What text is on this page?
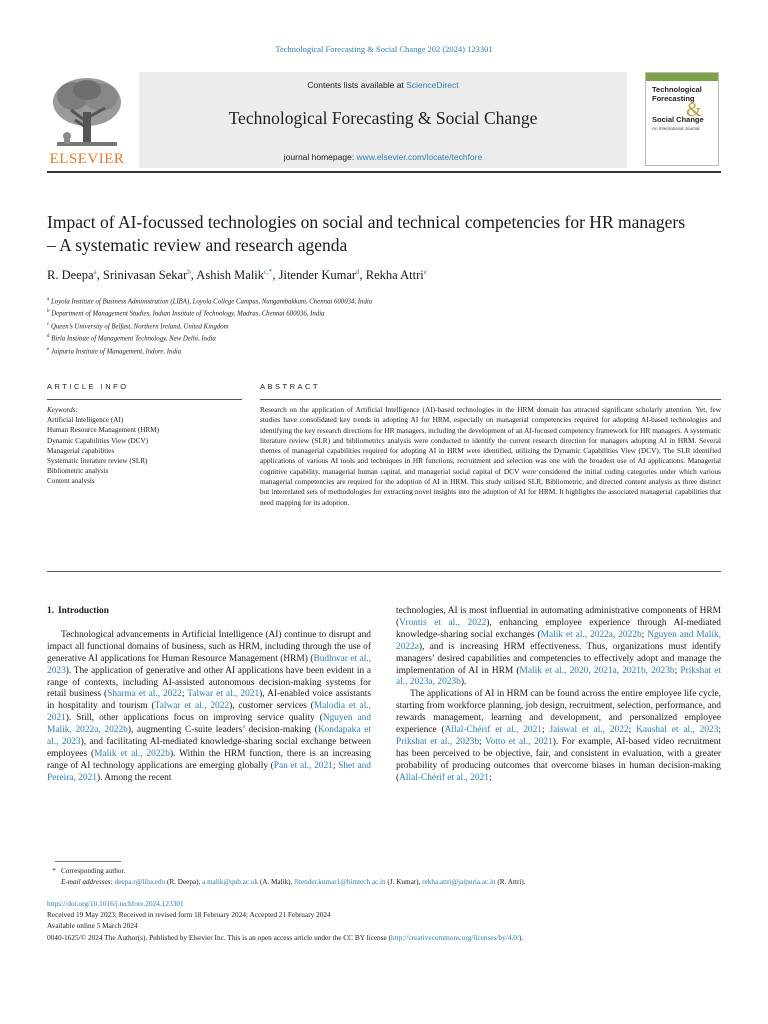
Technological Forecasting & Social Change 202 (2024) 123301
ELSEVIER
Contents lists available at ScienceDirect
Technological Forecasting & Social Change
journal homepage: www.elsevier.com/locate/techfore
Technological
Forecasting
Social Change
&
An International Journal
Impact of AI-focussed technologies on social and technical competencies for HR managers – A systematic review and research agenda
R. Deepa$^a$, Srinivasan Sekar$^b$, Ashish Malik$^{c,*}$, Jitender Kumar$^d$, Rekha Attri$^e$
$^a$ Loyola Institute of Business Administration (LIBA), Loyola College Campus, Nungambakkam, Chennai 600034, India
$^b$ Department of Management Studies, Indian Institute of Technology, Madras, Chennai 600036, India
$^c$ Queen’s University of Belfast, Northern Ireland, United Kingdom
$^d$ Birla Institute of Management Technology, New Delhi, India
$^e$ Jaipuria Institute of Management, Indore, India
ARTICLE INFO	ABSTRACT
Keywords:
Artificial Intelligence (AI)
Human Resource Management (HRM)
Dynamic Capabilities View (DCV)
Managerial capabilities
Systematic literature review (SLR)
Bibliometric analysis
Content analysis
Research on the application of Artificial Intelligence (AI)-based technologies in the HRM domain has attracted significant scholarly attention. Yet, few studies have consolidated key trends in adopting AI for HRM, especially on managerial competencies required for adopting AI-based technologies and identifying the key research directions for HR managers, including the development of an AI-focused competency framework for HR managers. A systematic literature review (SLR) and bibliometrics analysis were conducted to identify the current research direction for managers adopting AI in HRM. Several themes of managerial capabilities required for adopting AI in HRM were identified, utilizing the Dynamic Capabilities View (DCV). The SLR identified applications of various AI tools and techniques in HR functions, recruitment and selection was one with the broadest use of AI applications. Managerial cognitive capability, managerial human capital, and managerial social capital of DCV were considered the initial coding categories under which various managerial competencies are required for the adoption of AI in HRM. This study utilised SLR, Bibliometric, and directed content analysis as three distinct but interrelated sets of methodologies for extracting novel insights into the adoption of AI for HRM. It highlights the associated managerial capabilities that need mapping for its adoption.
1. Introduction

Technological advancements in Artificial Intelligence (AI) continue to disrupt and impact all functional domains of business, such as HRM, including through the use of generative AI applications for Human Resource Management (HRM) (Budhwar et al., 2023). The application of generative and other AI applications have been evident in a range of contexts, including AI-assisted autonomous decision-making systems for retail business (Sharma et al., 2022; Talwar et al., 2021), AI-enabled voice assistants in hospitality and tourism (Talwar et al., 2022), customer services (Malodia et al., 2021). Still, other applications focus on improving service quality (Nguyen and Malik, 2022a, 2022b), augmenting C-suite leaders’ decision-making (Kondapaka et al., 2023), and facilitating AI-mediated knowledge-sharing social exchange between employees (Malik et al., 2022b). Within the HRM function, there is an increasing range of AI technology applications are emerging globally (Pan et al., 2021; Shet and Pereira, 2021). Among the recent

technologies, AI is most influential in automating administrative components of HRM (Vrontis et al., 2022), enhancing employee experience through AI-mediated knowledge-sharing social exchanges (Malik et al., 2022a, 2022b; Nguyen and Malik, 2022a), and is increasing HRM effectiveness. Thus, organizations must identify managers’ desired capabilities and competencies to effectively adopt and manage the implementation of AI in HRM (Malik et al., 2020, 2021a, 2021b, 2023b; Prikshat et al., 2023a, 2023b).

The applications of AI in HRM can be found across the entire employee life cycle, starting from workforce planning, job design, recruitment, selection, performance, and rewards management, learning and development, and personalized employee experience (Allal-Chérif et al., 2021; Jaiswal et al., 2022; Kaushal et al., 2023; Prikshat et al., 2023b; Votto et al., 2021). For example, AI-based video recruitment has been perceived to be objective, fair, and consistent in evaluation, with a greater probability of producing outcomes that overcome biases in human decision-making (Allal-Chérif et al., 2021;

* Corresponding author.
E-mail addresses: deepa.r@liba.edu (R. Deepa), a.malik@qub.ac.uk (A. Malik), Jitender.kumar1@bimtech.ac.in (J. Kumar), rekha.attri@jaipuria.ac.in (R. Attri).
https://doi.org/10.1016/j.techfore.2024.123301
Received 19 May 2023; Received in revised form 18 February 2024; Accepted 21 February 2024
Available online 5 March 2024
0040-1625/© 2024 The Author(s). Published by Elsevier Inc. This is an open access article under the CC BY license (http://creativecommons.org/licenses/by/4.0/).
